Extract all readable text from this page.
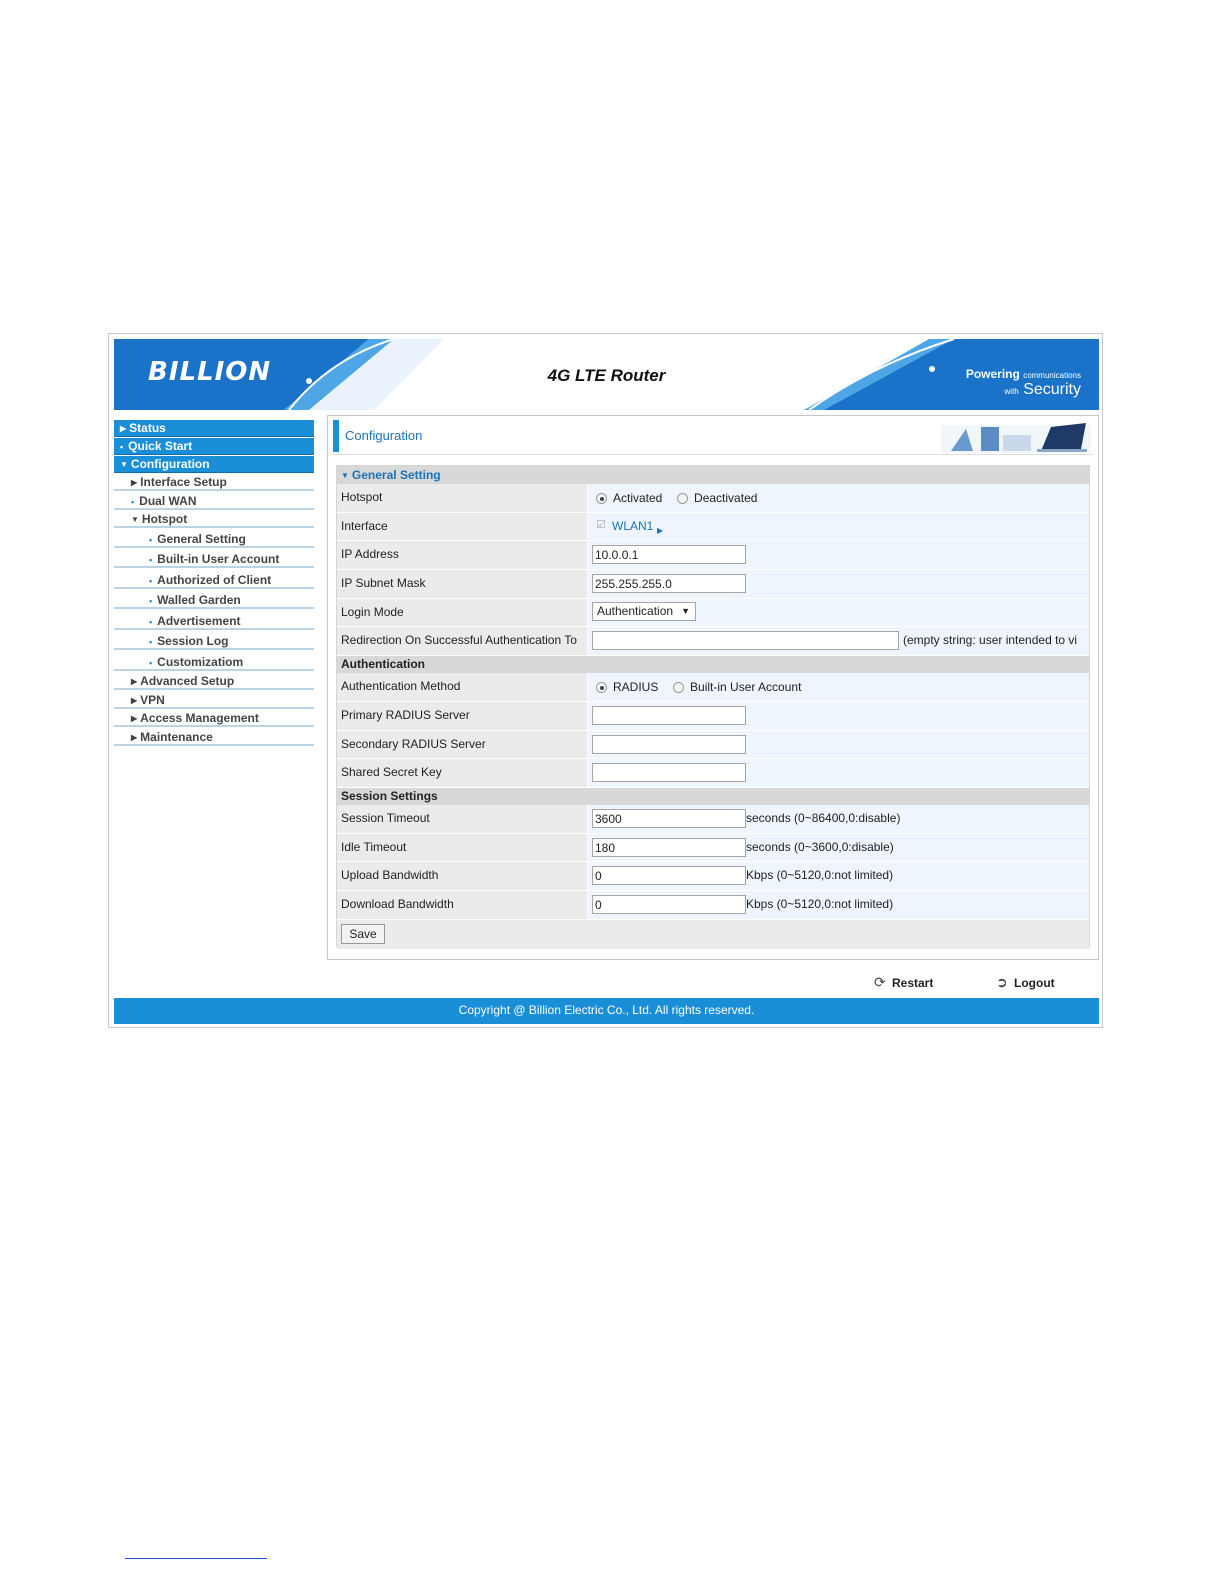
BILLION	4G LTE Router	Powering communications
with Security
▶ Status
• Quick Start
▼ Configuration
▶ Interface Setup
• Dual WAN
▼ Hotspot
• General Setting
• Built-in User Account
• Authorized of Client
• Walled Garden
• Advertisement
• Session Log
• Customizatiom
▶ Advanced Setup
▶ VPN
▶ Access Management
▶ Maintenance
Configuration
▼ General Setting
Hotspot	Activated	Deactivated
Interface	☑ WLAN1 ▶
IP Address	10.0.0.1
IP Subnet Mask	255.255.255.0
Login Mode	Authentication ▼
Redirection On Successful Authentication To	(empty string: user intended to vi
Authentication
Authentication Method	RADIUS	Built-in User Account
Primary RADIUS Server
Secondary RADIUS Server
Shared Secret Key
Session Settings
Session Timeout	3600	seconds (0~86400,0:disable)
Idle Timeout	180	seconds (0~3600,0:disable)
Upload Bandwidth	0	Kbps (0~5120,0:not limited)
Download Bandwidth	0	Kbps (0~5120,0:not limited)
Save
⟳ Restart	➲ Logout
Copyright @ Billion Electric Co., Ltd. All rights reserved.
